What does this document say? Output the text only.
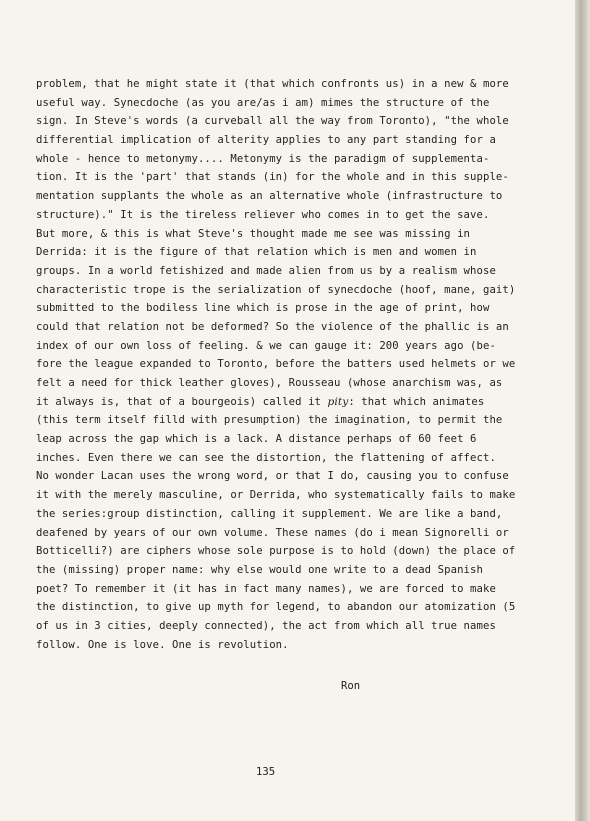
problem, that he might state it (that which confronts us) in a new & more
useful way. Synecdoche (as you are/as i am) mimes the structure of the
sign. In Steve's words (a curveball all the way from Toronto), "the whole
differential implication of alterity applies to any part standing for a
whole - hence to metonymy.... Metonymy is the paradigm of supplementa-
tion. It is the 'part' that stands (in) for the whole and in this supple-
mentation supplants the whole as an alternative whole (infrastructure to
structure)." It is the tireless reliever who comes in to get the save.
But more, & this is what Steve's thought made me see was missing in
Derrida: it is the figure of that relation which is men and women in
groups. In a world fetishized and made alien from us by a realism whose
characteristic trope is the serialization of synecdoche (hoof, mane, gait)
submitted to the bodiless line which is prose in the age of print, how
could that relation not be deformed? So the violence of the phallic is an
index of our own loss of feeling. & we can gauge it: 200 years ago (be-
fore the league expanded to Toronto, before the batters used helmets or we
felt a need for thick leather gloves), Rousseau (whose anarchism was, as
it always is, that of a bourgeois) called it pity: that which animates
(this term itself filld with presumption) the imagination, to permit the
leap across the gap which is a lack. A distance perhaps of 60 feet 6
inches. Even there we can see the distortion, the flattening of affect.
No wonder Lacan uses the wrong word, or that I do, causing you to confuse
it with the merely masculine, or Derrida, who systematically fails to make
the series:group distinction, calling it supplement. We are like a band,
deafened by years of our own volume. These names (do i mean Signorelli or
Botticelli?) are ciphers whose sole purpose is to hold (down) the place of
the (missing) proper name: why else would one write to a dead Spanish
poet? To remember it (it has in fact many names), we are forced to make
the distinction, to give up myth for legend, to abandon our atomization (5
of us in 3 cities, deeply connected), the act from which all true names
follow. One is love. One is revolution.
Ron
135
